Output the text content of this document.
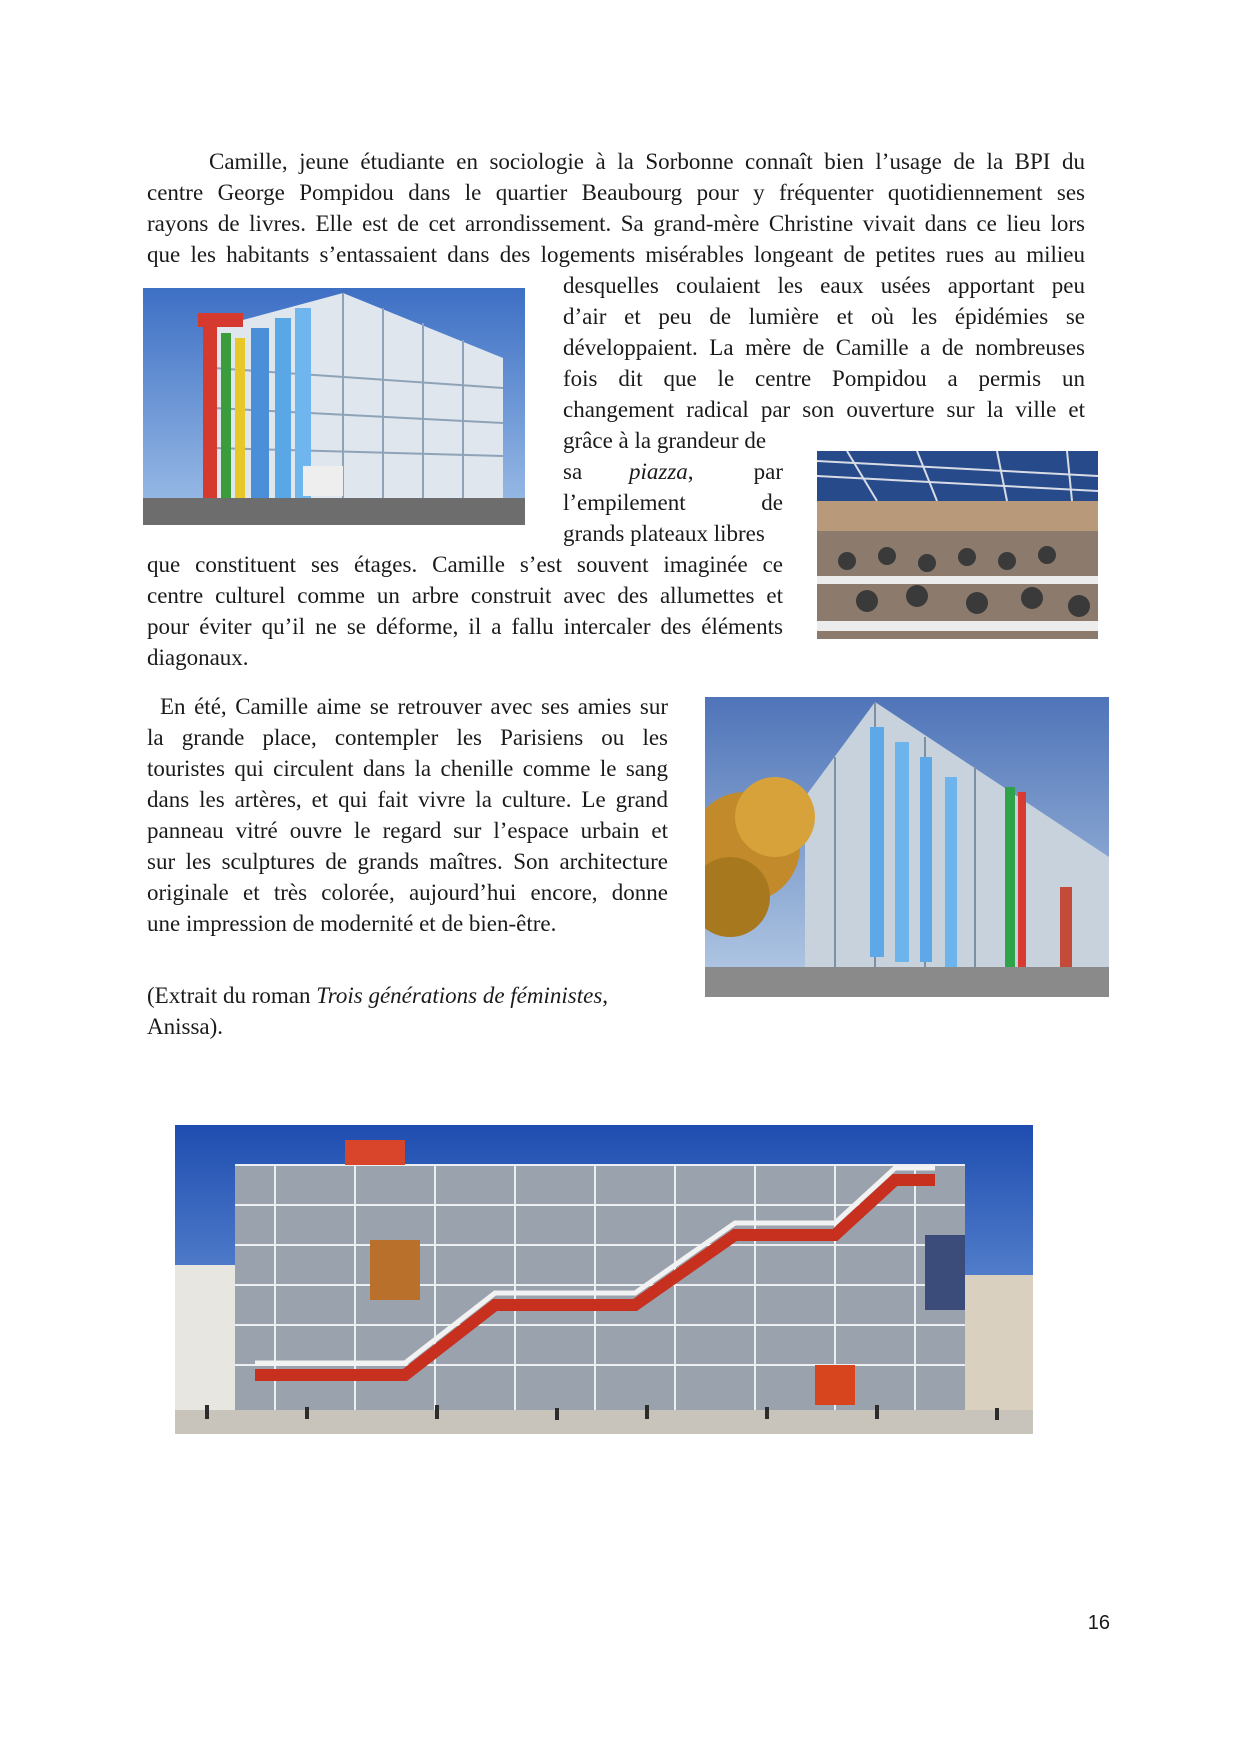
Camille, jeune étudiante en sociologie à la Sorbonne connaît bien l’usage de la BPI du
centre George Pompidou dans le quartier Beaubourg pour y fréquenter quotidiennement ses
rayons de livres. Elle est de cet arrondissement. Sa grand-mère Christine vivait dans ce lieu lors
que les habitants s’entassaient dans des logements misérables longeant de petites rues au milieu
desquelles coulaient les eaux usées apportant peu
d’air et peu de lumière et où les épidémies se
développaient. La mère de Camille a de nombreuses
fois dit que le centre Pompidou a permis un
changement radical par son ouverture sur la ville et
grâce à la grandeur de
sa piazza,	par
l’empilement de
grands plateaux libres
que constituent ses étages. Camille s’est souvent imaginée ce
centre culturel comme un arbre construit avec des allumettes et
pour éviter qu’il ne se déforme, il a fallu intercaler des éléments
diagonaux.
En été, Camille aime se retrouver avec ses amies sur
la grande place, contempler les Parisiens ou les
touristes qui circulent dans la chenille comme le sang
dans les artères, et qui fait vivre la culture. Le grand
panneau vitré ouvre le regard sur l’espace urbain et
sur les sculptures de grands maîtres. Son architecture
originale et très colorée, aujourd’hui encore, donne
une impression de modernité et de bien-être.
(Extrait du roman Trois générations de féministes,
Anissa).
16
